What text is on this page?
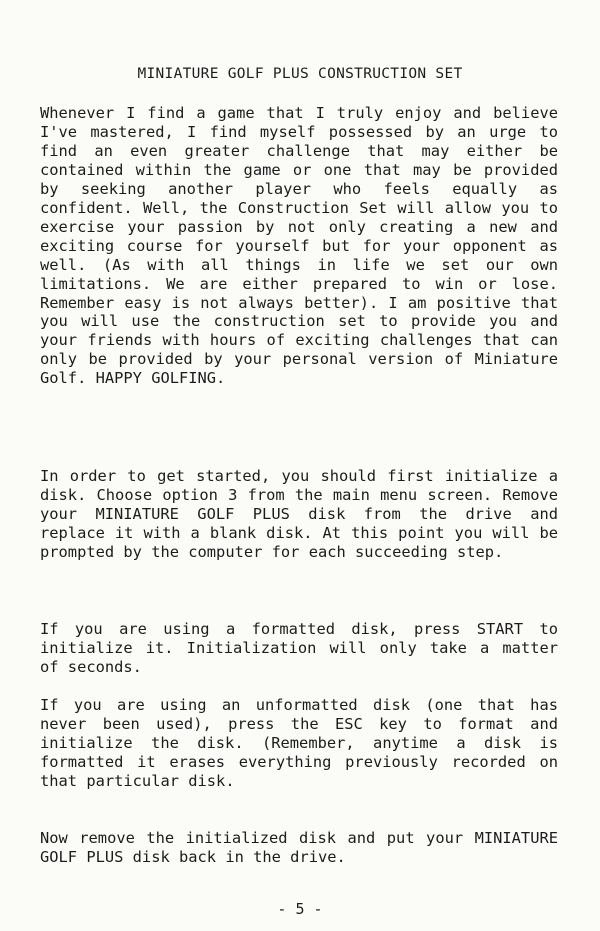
MINIATURE GOLF PLUS CONSTRUCTION SET

Whenever I find a game that I truly enjoy and believe I've mastered, I find myself possessed by an urge to find an even greater challenge that may either be contained within the game or one that may be provided by seeking another player who feels equally as confident. Well, the Construction Set will allow you to exercise your passion by not only creating a new and exciting course for yourself but for your opponent as well. (As with all things in life we set our own limitations. We are either prepared to win or lose. Remember easy is not always better). I am positive that you will use the construction set to provide you and your friends with hours of exciting challenges that can only be provided by your personal version of Miniature Golf. HAPPY GOLFING.

In order to get started, you should first initialize a disk. Choose option 3 from the main menu screen. Remove your MINIATURE GOLF PLUS disk from the drive and replace it with a blank disk. At this point you will be prompted by the computer for each succeeding step.

If you are using a formatted disk, press START to initialize it. Initialization will only take a matter of seconds.

If you are using an unformatted disk (one that has never been used), press the ESC key to format and initialize the disk. (Remember, anytime a disk is formatted it erases everything previously recorded on that particular disk.

Now remove the initialized disk and put your MINIATURE GOLF PLUS disk back in the drive.

- 5 -
